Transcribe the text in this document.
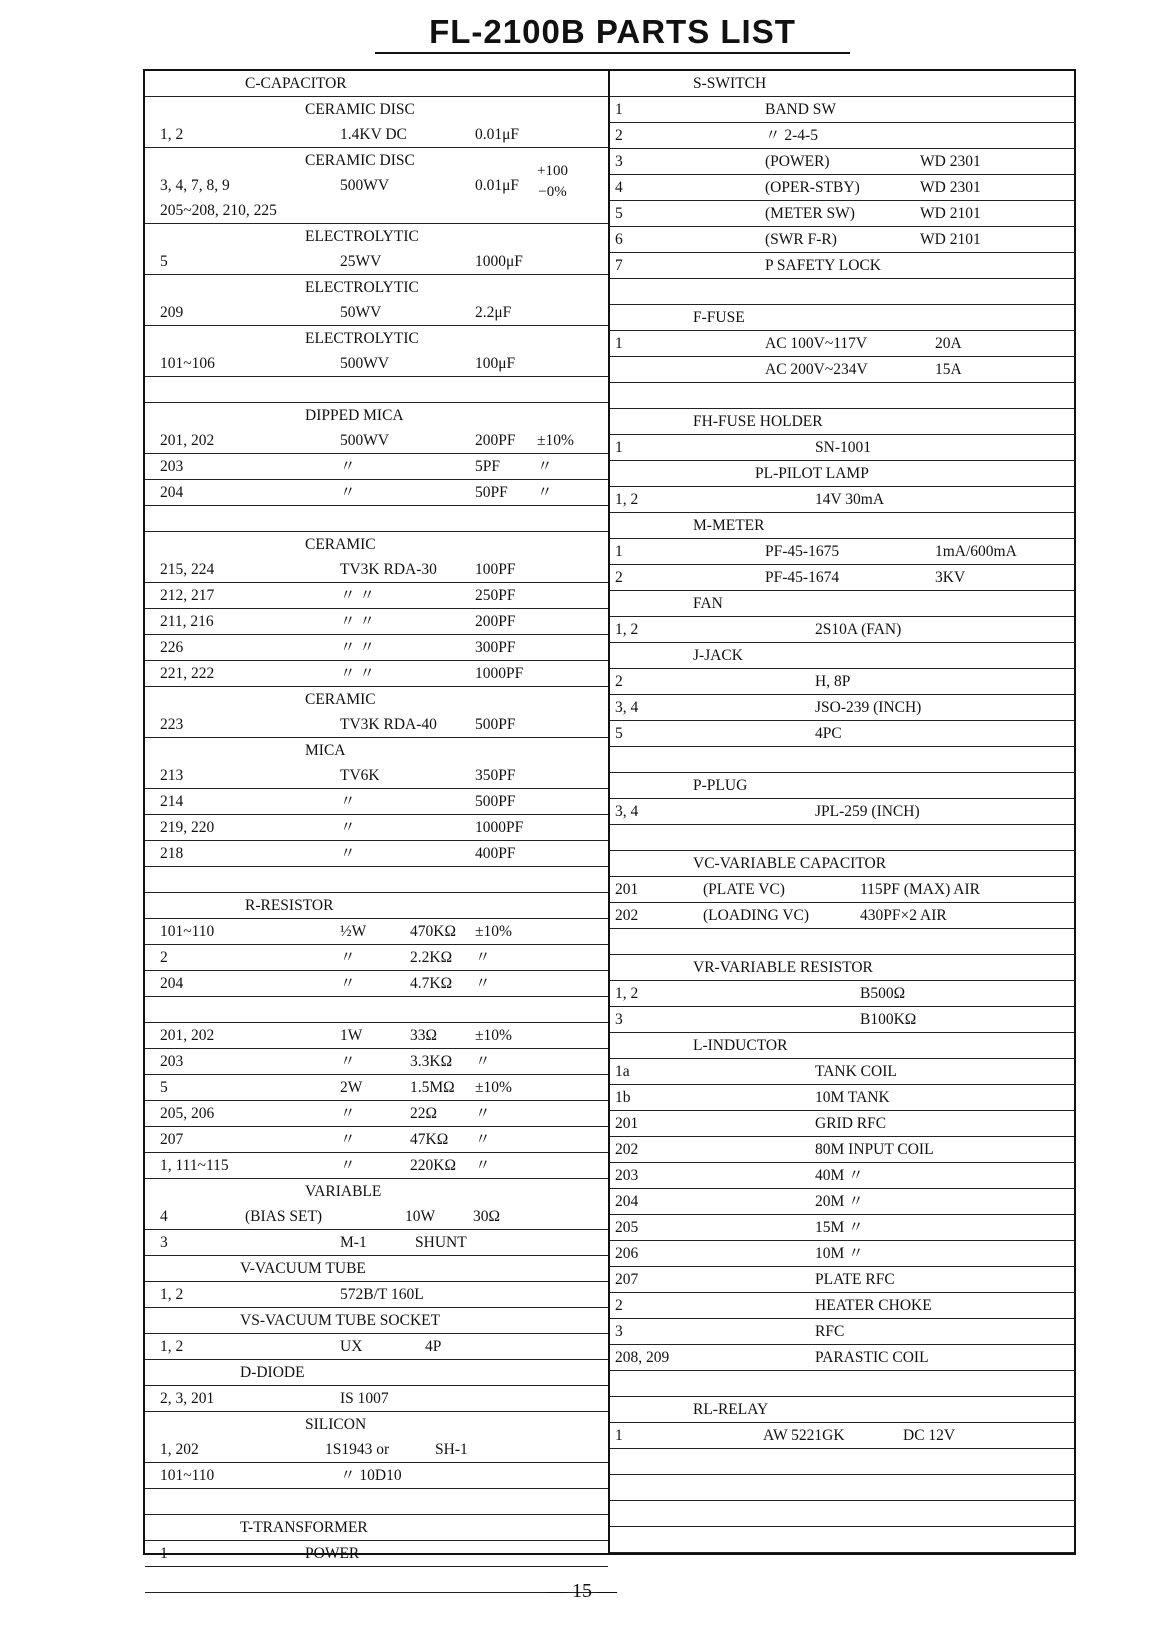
FL-2100B PARTS LIST
C-CAPACITOR
CERAMIC DISC
1, 2	1.4KV DC	0.01μF
CERAMIC DISC
3, 4, 7, 8, 9	500WV	0.01μF
+100
−0%
205~208, 210, 225
ELECTROLYTIC
5	25WV	1000μF
ELECTROLYTIC
209	50WV	2.2μF
ELECTROLYTIC
101~106	500WV	100μF
DIPPED MICA
201, 202	500WV	200PF ±10%
203	〃	5PF 〃
204	〃	50PF 〃
CERAMIC
215, 224	TV3K RDA-30 100PF
212, 217	〃 〃	250PF
211, 216	〃 〃	200PF
226	〃 〃	300PF
221, 222	〃 〃	1000PF
CERAMIC
223	TV3K RDA-40 500PF
MICA
213	TV6K	350PF
214	〃	500PF
219, 220	〃	1000PF
218	〃	400PF
R-RESISTOR
101~110	½W	470KΩ ±10%
2	〃	2.2KΩ 〃
204	〃	4.7KΩ 〃
201, 202	1W	33Ω ±10%
203	〃	3.3KΩ 〃
5	2W	1.5MΩ ±10%
205, 206	〃	22Ω 〃
207	〃	47KΩ 〃
1, 111~115	〃	220KΩ 〃
VARIABLE
4	(BIAS SET)	10W 30Ω
3	M-1	SHUNT
V-VACUUM TUBE
1, 2	572B/T 160L
VS-VACUUM TUBE SOCKET
1, 2	UX	4P
D-DIODE
2, 3, 201	IS 1007
SILICON
1, 202	1S1943 or	SH-1
101~110	〃 10D10
T-TRANSFORMER
1	POWER
S-SWITCH
1	BAND SW
2	〃 2-4-5
3	(POWER)	WD 2301
4	(OPER-STBY)	WD 2301
5	(METER SW)	WD 2101
6	(SWR F-R)	WD 2101
7	P SAFETY LOCK
F-FUSE
1	AC 100V~117V	20A
AC 200V~234V	15A
FH-FUSE HOLDER
1	SN-1001
PL-PILOT LAMP
1, 2	14V 30mA
M-METER
1	PF-45-1675	1mA/600mA
2	PF-45-1674	3KV
FAN
1, 2	2S10A (FAN)
J-JACK
2	H, 8P
3, 4	JSO-239 (INCH)
5	4PC
P-PLUG
3, 4	JPL-259 (INCH)
VC-VARIABLE CAPACITOR
201	(PLATE VC)	115PF (MAX) AIR
202	(LOADING VC)	430PF×2 AIR
VR-VARIABLE RESISTOR
1, 2	B500Ω
3	B100KΩ
L-INDUCTOR
1a	TANK COIL
1b	10M TANK
201	GRID RFC
202	80M INPUT COIL
203	40M 〃
204	20M 〃
205	15M 〃
206	10M 〃
207	PLATE RFC
2	HEATER CHOKE
3	RFC
208, 209	PARASTIC COIL
RL-RELAY
1	AW 5221GK	DC 12V
— 15 —
